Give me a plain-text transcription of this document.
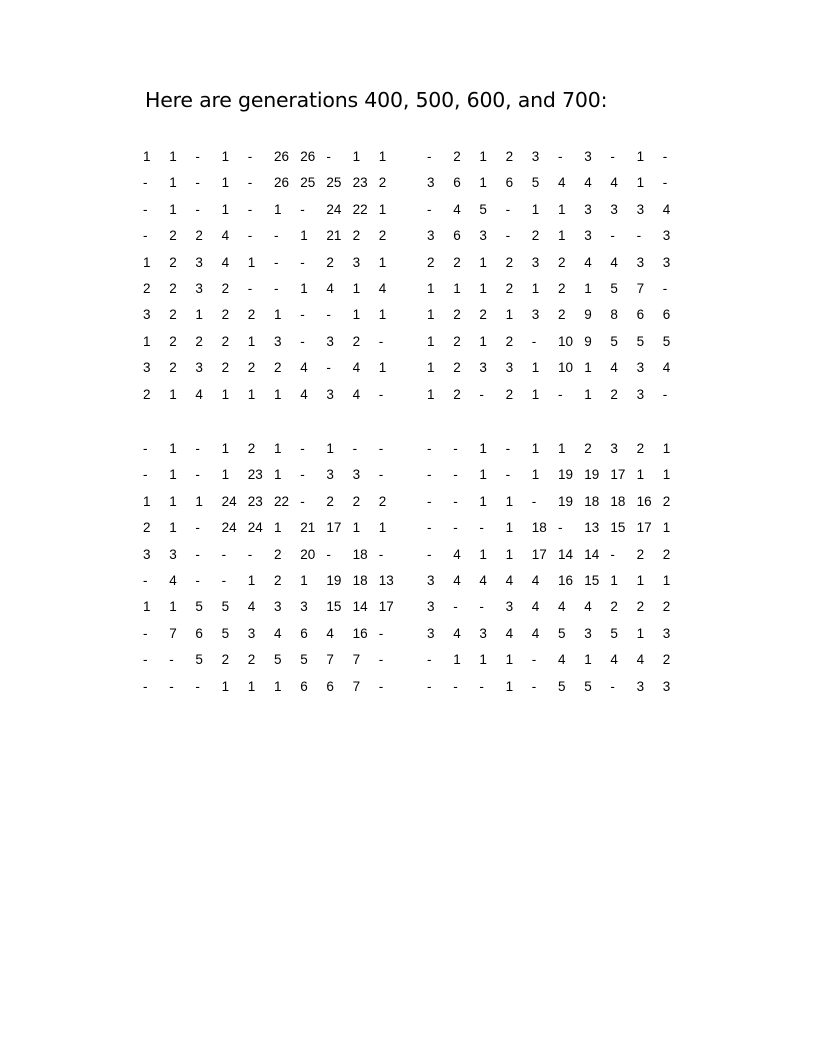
Here are generations 400, 500, 600, and 700:
1	1	-	1	-	26 26 -	1	1
-	1	-	1	-	26 25 25 23 2
-	1	-	1	-	1	-	24 22 1
-	2	2	4	-	-	1	21 2	2
1	2	3	4	1	-	-	2	3	1
2	2	3	2	-	-	1	4	1	4
3	2	1	2	2	1	-	-	1	1
1	2	2	2	1	3	-	3	2	-
3	2	3	2	2	2	4	-	4	1
2	1	4	1	1	1	4	3	4	-
-	2	1	2	3	-	3	-	1	-
3	6	1	6	5	4	4	4	1	-
-	4	5	-	1	1	3	3	3	4
3	6	3	-	2	1	3	-	-	3
2	2	1	2	3	2	4	4	3	3
1	1	1	2	1	2	1	5	7	-
1	2	2	1	3	2	9	8	6	6
1	2	1	2	-	10 9	5	5	5
1	2	3	3	1	10 1	4	3	4
1	2	-	2	1	-	1	2	3	-
-	1	-	1	2	1	-	1	-	-
-	1	-	1	23 1	-	3	3	-
1	1	1	24 23 22 -	2	2	2
2	1	-	24 24 1	21 17 1	1
3	3	-	-	-	2	20 -	18 -
-	4	-	-	1	2	1	19 18 13
1	1	5	5	4	3	3	15 14 17
-	7	6	5	3	4	6	4	16 -
-	-	5	2	2	5	5	7	7	-
-	-	-	1	1	1	6	6	7	-
-	-	1	-	1	1	2	3	2	1
-	-	1	-	1	19 19 17 1	1
-	-	1	1	-	19 18 18 16 2
-	-	-	1	18 -	13 15 17 1
-	4	1	1	17 14 14 -	2	2
3	4	4	4	4	16 15 1	1	1
3	-	-	3	4	4	4	2	2	2
3	4	3	4	4	5	3	5	1	3
-	1	1	1	-	4	1	4	4	2
-	-	-	1	-	5	5	-	3	3
